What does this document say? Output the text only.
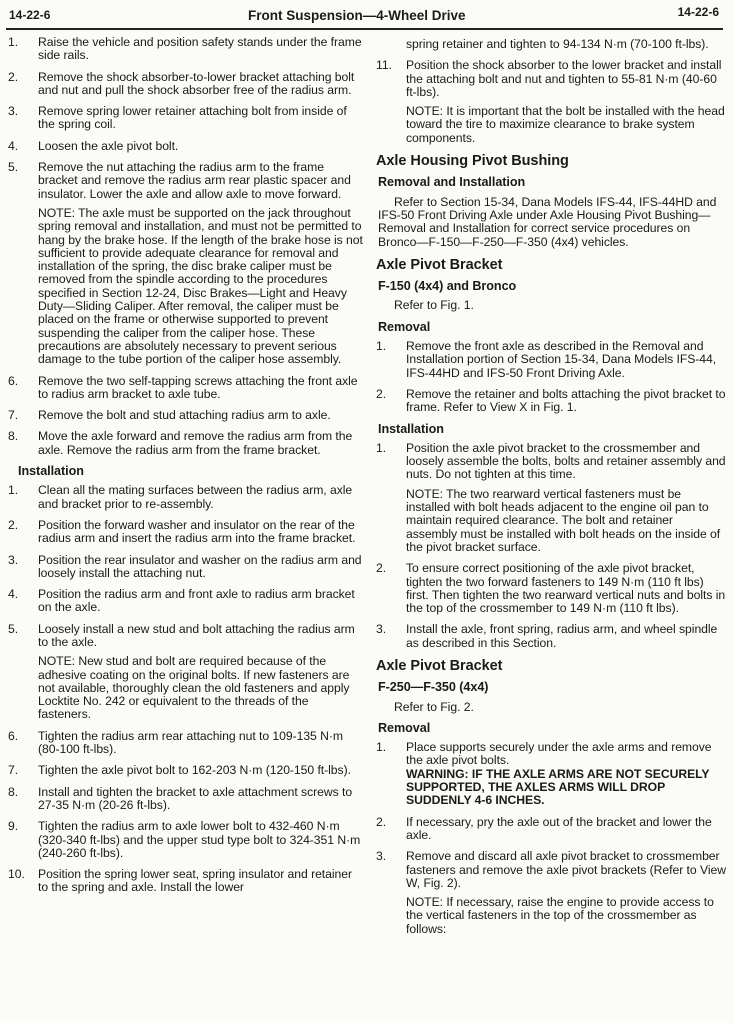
14-22-6	Front Suspension—4-Wheel Drive	14-22-6
1.	Raise the vehicle and position safety stands under the frame side rails.

2.	Remove the shock absorber-to-lower bracket attaching bolt and nut and pull the shock absorber free of the radius arm.

3.	Remove spring lower retainer attaching bolt from inside of the spring coil.

4.	Loosen the axle pivot bolt.

5.	Remove the nut attaching the radius arm to the frame bracket and remove the radius arm rear plastic spacer and insulator. Lower the axle and allow axle to move forward.

NOTE: The axle must be supported on the jack throughout spring removal and installation, and must not be permitted to hang by the brake hose. If the length of the brake hose is not sufficient to provide adequate clearance for removal and installation of the spring, the disc brake caliper must be removed from the spindle according to the procedures specified in Section 12-24, Disc Brakes—Light and Heavy Duty—Sliding Caliper. After removal, the caliper must be placed on the frame or otherwise supported to prevent suspending the caliper from the caliper hose. These precautions are absolutely necessary to prevent serious damage to the tube portion of the caliper hose assembly.

6.	Remove the two self-tapping screws attaching the front axle to radius arm bracket to axle tube.

7.	Remove the bolt and stud attaching radius arm to axle.

8.	Move the axle forward and remove the radius arm from the axle. Remove the radius arm from the frame bracket.

Installation
1.	Clean all the mating surfaces between the radius arm, axle and bracket prior to re-assembly.

2.	Position the forward washer and insulator on the rear of the radius arm and insert the radius arm into the frame bracket.

3.	Position the rear insulator and washer on the radius arm and loosely install the attaching nut.

4.	Position the radius arm and front axle to radius arm bracket on the axle.

5.	Loosely install a new stud and bolt attaching the radius arm to the axle.

NOTE: New stud and bolt are required because of the adhesive coating on the original bolts. If new fasteners are not available, thoroughly clean the old fasteners and apply Locktite No. 242 or equivalent to the threads of the fasteners.

6.	Tighten the radius arm rear attaching nut to 109-135 N·m (80-100 ft-lbs).

7.	Tighten the axle pivot bolt to 162-203 N·m (120-150 ft-lbs).

8.	Install and tighten the bracket to axle attachment screws to 27-35 N·m (20-26 ft-lbs).

9.	Tighten the radius arm to axle lower bolt to 432-460 N·m (320-340 ft-lbs) and the upper stud type bolt to 324-351 N·m (240-260 ft-lbs).

10.	Position the spring lower seat, spring insulator and retainer to the spring and axle. Install the lower

spring retainer and tighten to 94-134 N·m (70-100 ft-lbs).

11.	Position the shock absorber to the lower bracket and install the attaching bolt and nut and tighten to 55-81 N·m (40-60 ft-lbs).

NOTE: It is important that the bolt be installed with the head toward the tire to maximize clearance to brake system components.

Axle Housing Pivot Bushing
Removal and Installation

Refer to Section 15-34, Dana Models IFS-44, IFS-44HD and IFS-50 Front Driving Axle under Axle Housing Pivot Bushing—Removal and Installation for correct service procedures on Bronco—F-150—F-250—F-350 (4x4) vehicles.

Axle Pivot Bracket
F-150 (4x4) and Bronco

Refer to Fig. 1.

Removal
1.	Remove the front axle as described in the Removal and Installation portion of Section 15-34, Dana Models IFS-44, IFS-44HD and IFS-50 Front Driving Axle.

2.	Remove the retainer and bolts attaching the pivot bracket to frame. Refer to View X in Fig. 1.

Installation
1.	Position the axle pivot bracket to the crossmember and loosely assemble the bolts, bolts and retainer assembly and nuts. Do not tighten at this time.

NOTE: The two rearward vertical fasteners must be installed with bolt heads adjacent to the engine oil pan to maintain required clearance. The bolt and retainer assembly must be installed with bolt heads on the inside of the pivot bracket surface.

2.	To ensure correct positioning of the axle pivot bracket, tighten the two forward fasteners to 149 N·m (110 ft lbs) first. Then tighten the two rearward vertical nuts and bolts in the top of the crossmember to 149 N·m (110 ft lbs).

3.	Install the axle, front spring, radius arm, and wheel spindle as described in this Section.

Axle Pivot Bracket
F-250—F-350 (4x4)

Refer to Fig. 2.

Removal
1.	Place supports securely under the axle arms and remove the axle pivot bolts.

WARNING: IF THE AXLE ARMS ARE NOT SECURELY SUPPORTED, THE AXLES ARMS WILL DROP SUDDENLY 4-6 INCHES.

2.	If necessary, pry the axle out of the bracket and lower the axle.

3.	Remove and discard all axle pivot bracket to crossmember fasteners and remove the axle pivot brackets (Refer to View W, Fig. 2).

NOTE: If necessary, raise the engine to provide access to the vertical fasteners in the top of the crossmember as follows:
